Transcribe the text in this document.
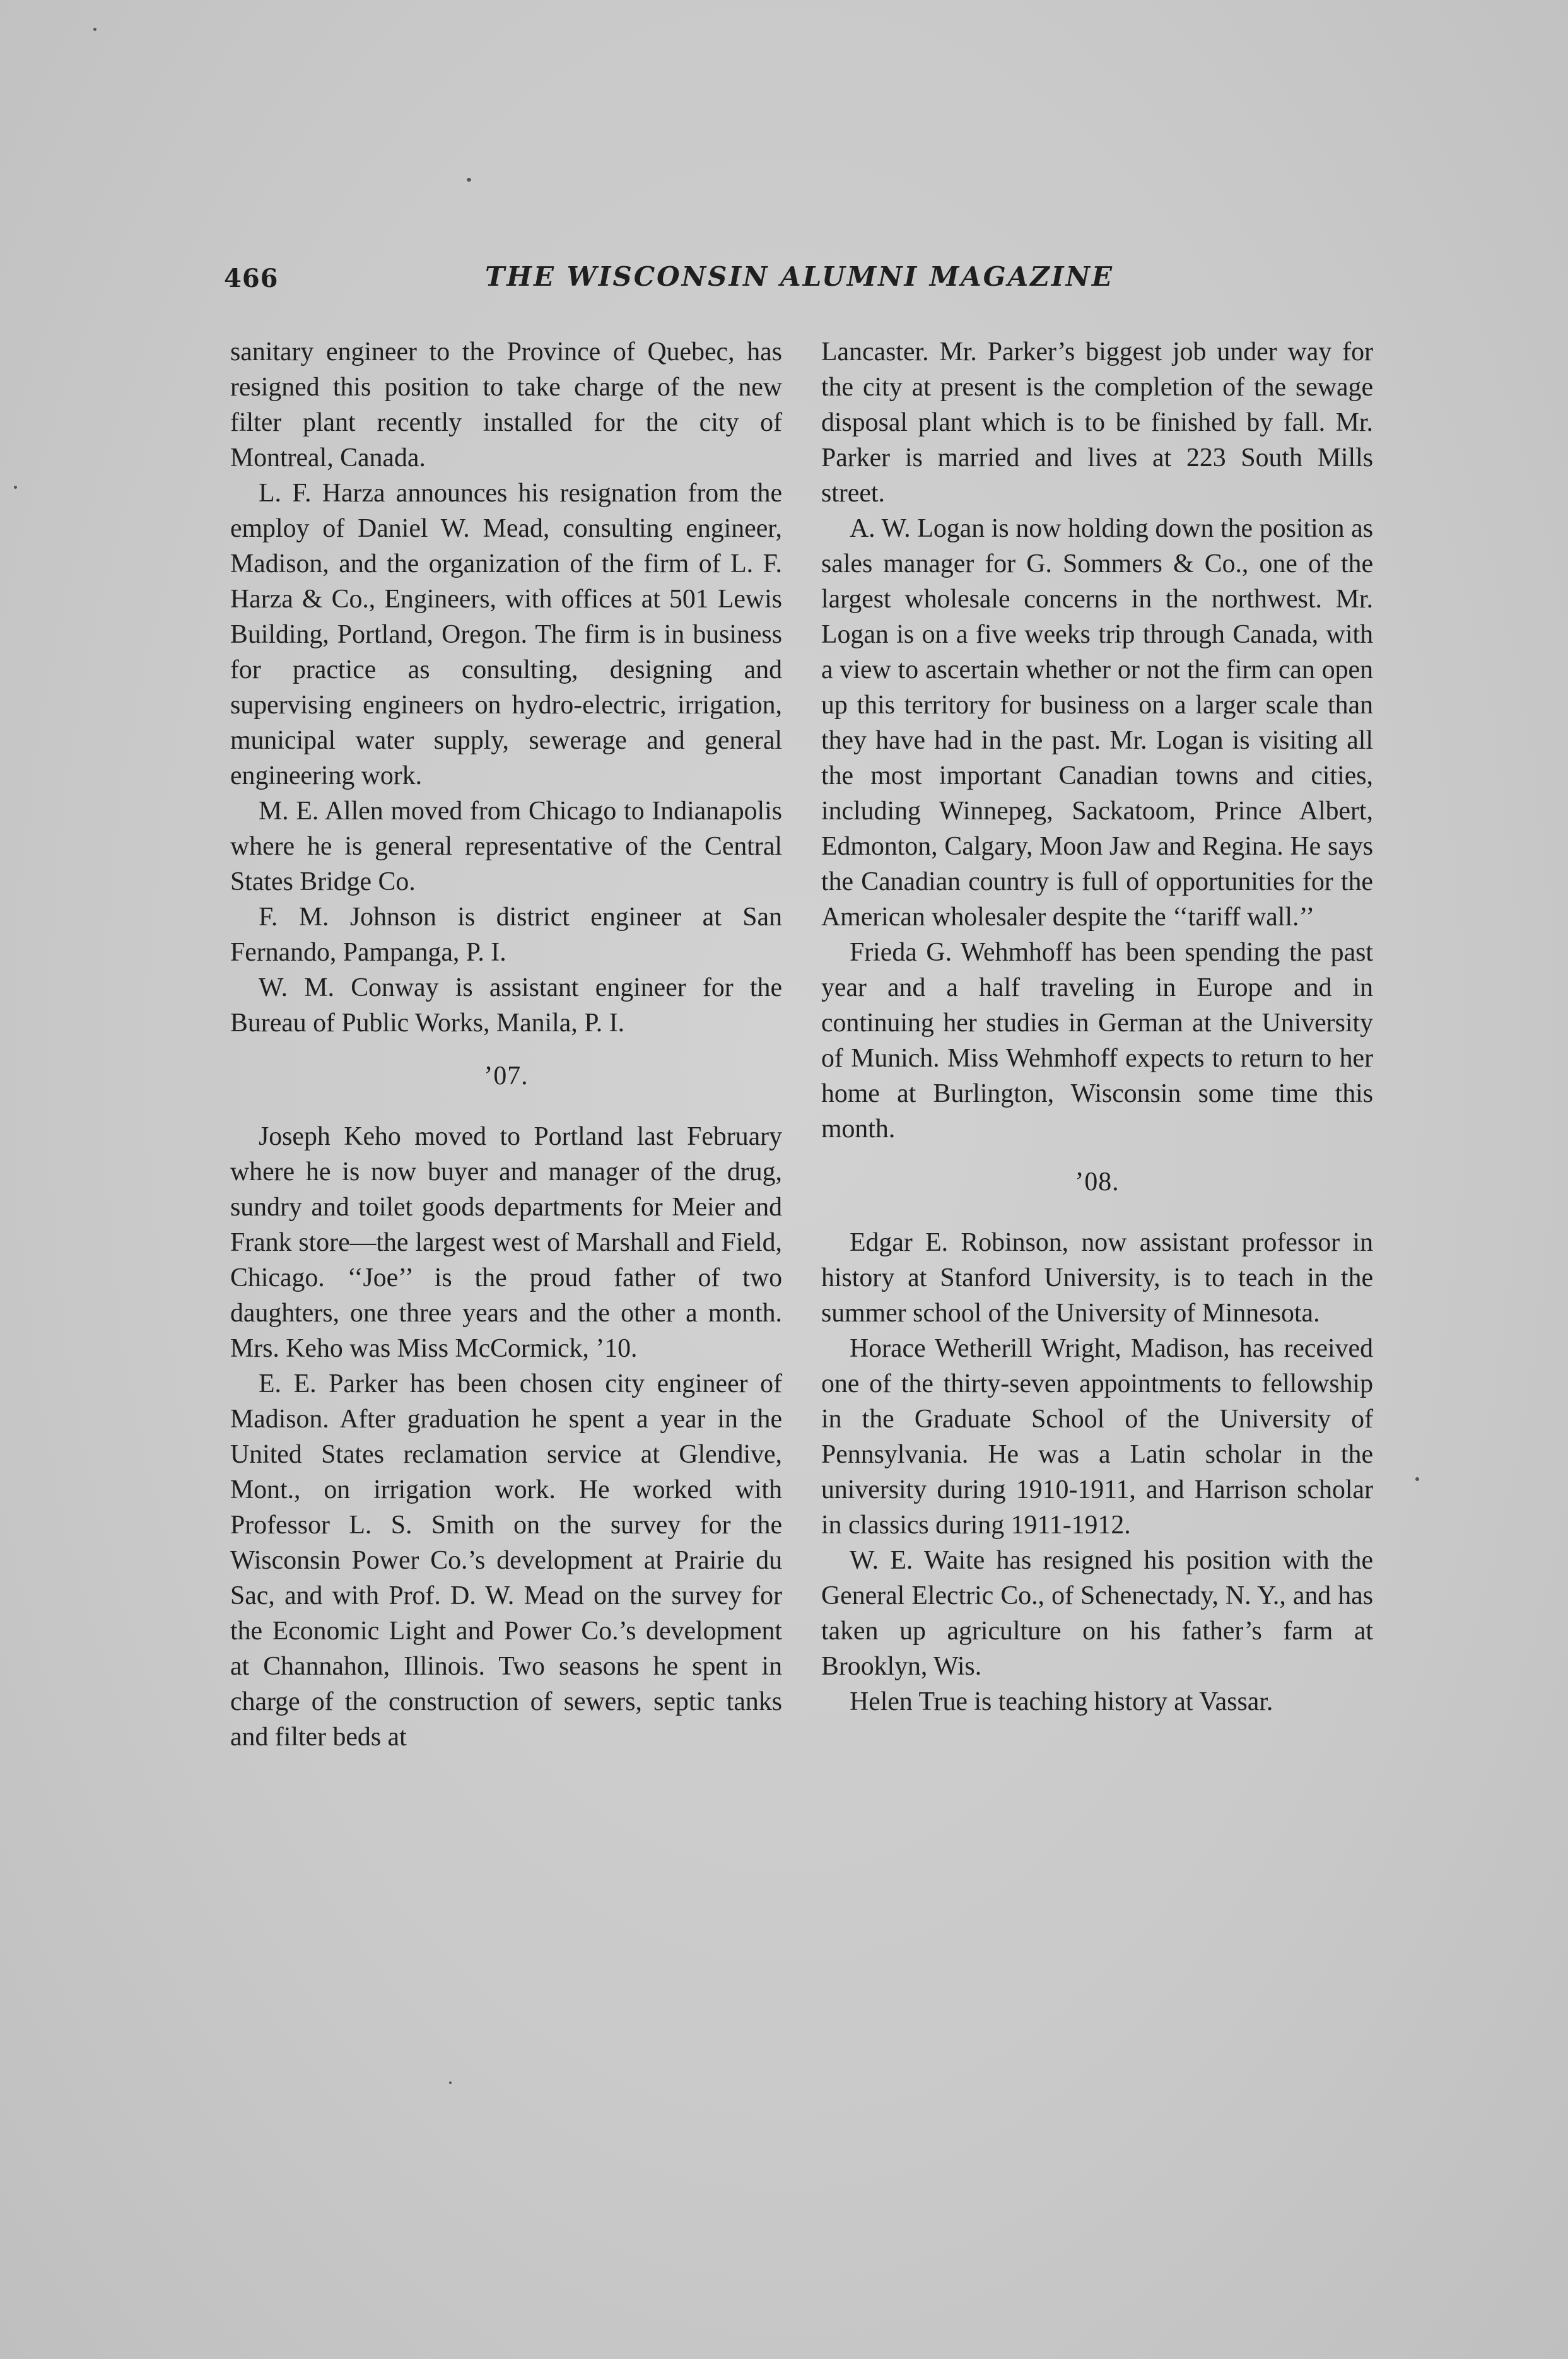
466	THE WISCONSIN ALUMNI MAGAZINE

sanitary engineer to the Province of Quebec, has resigned this position to take charge of the new filter plant recently installed for the city of Montreal, Canada.

L. F. Harza announces his resignation from the employ of Daniel W. Mead, consulting engineer, Madison, and the organization of the firm of L. F. Harza & Co., Engineers, with offices at 501 Lewis Building, Portland, Oregon. The firm is in business for practice as consulting, designing and supervising engineers on hydro-electric, irrigation, municipal water supply, sewerage and general engineering work.

M. E. Allen moved from Chicago to Indianapolis where he is general representative of the Central States Bridge Co.

F. M. Johnson is district engineer at San Fernando, Pampanga, P. I.

W. M. Conway is assistant engineer for the Bureau of Public Works, Manila, P. I.

’07.

Joseph Keho moved to Portland last February where he is now buyer and manager of the drug, sundry and toilet goods departments for Meier and Frank store—the largest west of Marshall and Field, Chicago. ‘‘Joe’’ is the proud father of two daughters, one three years and the other a month. Mrs. Keho was Miss McCormick, ’10.

E. E. Parker has been chosen city engineer of Madison. After graduation he spent a year in the United States reclamation service at Glendive, Mont., on irrigation work. He worked with Professor L. S. Smith on the survey for the Wisconsin Power Co.’s development at Prairie du Sac, and with Prof. D. W. Mead on the survey for the Economic Light and Power Co.’s development at Channahon, Illinois. Two seasons he spent in charge of the construction of sewers, septic tanks and filter beds at

Lancaster. Mr. Parker’s biggest job under way for the city at present is the completion of the sewage disposal plant which is to be finished by fall. Mr. Parker is married and lives at 223 South Mills street.

A. W. Logan is now holding down the position as sales manager for G. Sommers & Co., one of the largest wholesale concerns in the northwest. Mr. Logan is on a five weeks trip through Canada, with a view to ascertain whether or not the firm can open up this territory for business on a larger scale than they have had in the past. Mr. Logan is visiting all the most important Canadian towns and cities, including Winnepeg, Sackatoom, Prince Albert, Edmonton, Calgary, Moon Jaw and Regina. He says the Canadian country is full of opportunities for the American wholesaler despite the ‘‘tariff wall.’’

Frieda G. Wehmhoff has been spending the past year and a half traveling in Europe and in continuing her studies in German at the University of Munich. Miss Wehmhoff expects to return to her home at Burlington, Wisconsin some time this month.

’08.

Edgar E. Robinson, now assistant professor in history at Stanford University, is to teach in the summer school of the University of Minnesota.

Horace Wetherill Wright, Madison, has received one of the thirty-seven appointments to fellowship in the Graduate School of the University of Pennsylvania. He was a Latin scholar in the university during 1910-1911, and Harrison scholar in classics during 1911-1912.

W. E. Waite has resigned his position with the General Electric Co., of Schenectady, N. Y., and has taken up agriculture on his father’s farm at Brooklyn, Wis.

Helen True is teaching history at Vassar.
